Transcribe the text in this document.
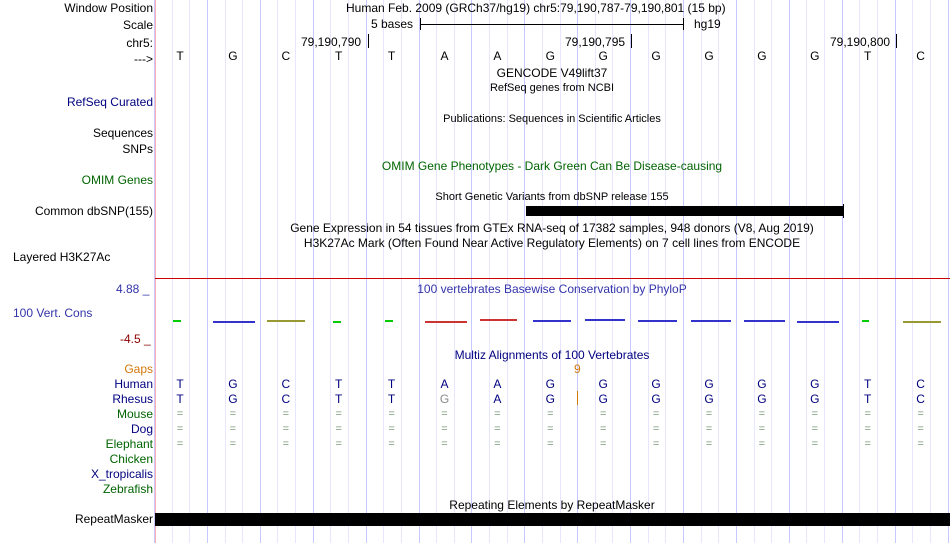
Window Position	Human Feb. 2009 (GRCh37/hg19) chr5:79,190,787-79,190,801 (15 bp)
Scale	5 bases	hg19
chr5:	79,190,790	79,190,795	79,190,800
---> T	G	C	T	T	A	A	G	G	G	G	G	G	T	C
GENCODE V49lift37
RefSeq genes from NCBI
RefSeq Curated
Publications: Sequences in Scientific Articles
Sequences
SNPs
OMIM Gene Phenotypes - Dark Green Can Be Disease-causing
OMIM Genes
Short Genetic Variants from dbSNP release 155
Common dbSNP(155)
Gene Expression in 54 tissues from GTEx RNA-seq of 17382 samples, 948 donors (V8, Aug 2019)
H3K27Ac Mark (Often Found Near Active Regulatory Elements) on 7 cell lines from ENCODE
Layered H3K27Ac
4.88 _	100 vertebrates Basewise Conservation by PhyloP
100 Vert. Cons
-4.5 _
Multiz Alignments of 100 Vertebrates
Gaps	9
Human T	G	C	T	T	A	A	G	G	G	G	G	G	T	C
Rhesus T	G	C	T	T	G	A	G	G	G	G	G	G	T	C
Mouse =	=	=	=	=	=	=	=	=	=	=	=	=	=	=
Dog =	=	=	=	=	=	=	=	=	=	=	=	=	=	=
Elephant =	=	=	=	=	=	=	=	=	=	=	=	=	=	=
Chicken
X_tropicalis
Zebrafish
Repeating Elements by RepeatMasker
RepeatMasker
